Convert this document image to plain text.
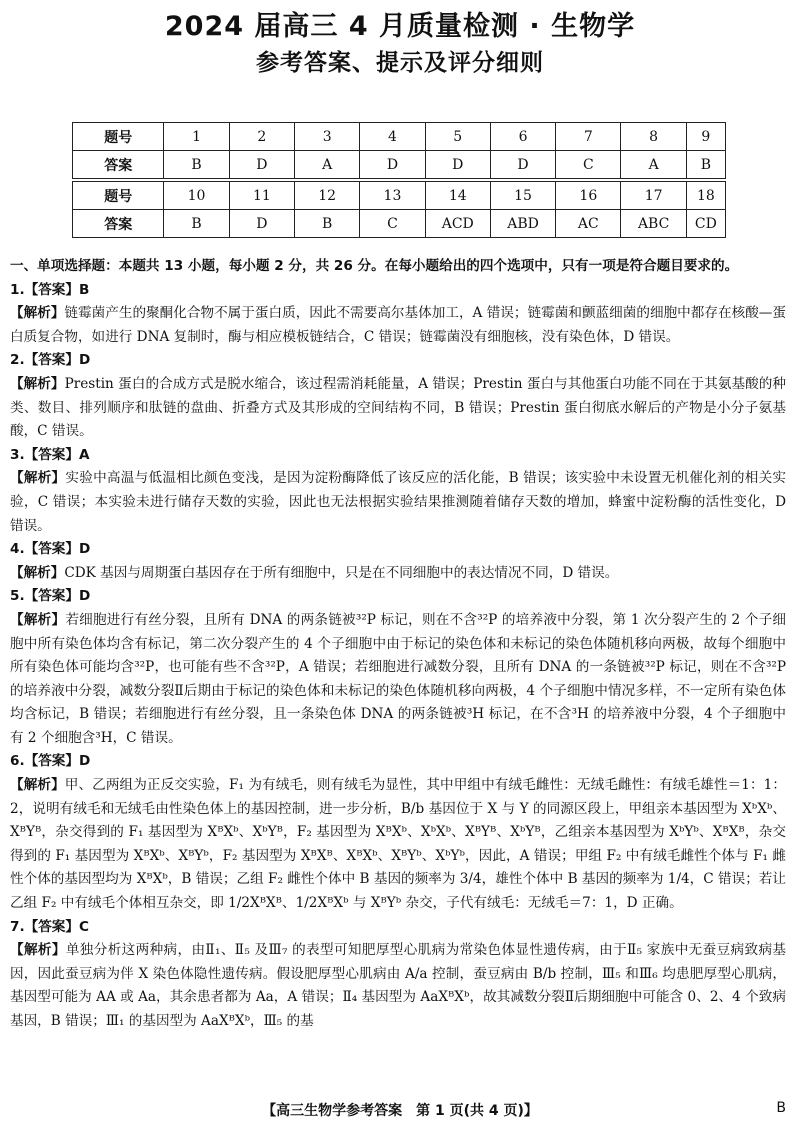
2024 届高三 4 月质量检测 · 生物学
参考答案、提示及评分细则
题号	1	2	3	4	5	6	7	8	9
答案	B	D	A	D	D	D	C	A	B

题号	10	11	12	13	14	15	16	17	18
答案	B	D	B	C	ACD	ABD	AC	ABC	CD

一、单项选择题：本题共 13 小题，每小题 2 分，共 26 分。在每小题给出的四个选项中，只有一项是符合题目要求的。

1.【答案】B

【解析】链霉菌产生的聚酮化合物不属于蛋白质，因此不需要高尔基体加工，A 错误；链霉菌和颤蓝细菌的细胞中都存在核酸—蛋白质复合物，如进行 DNA 复制时，酶与相应模板链结合，C 错误；链霉菌没有细胞核，没有染色体，D 错误。

2.【答案】D

【解析】Prestin 蛋白的合成方式是脱水缩合，该过程需消耗能量，A 错误；Prestin 蛋白与其他蛋白功能不同在于其氨基酸的种类、数目、排列顺序和肽链的盘曲、折叠方式及其形成的空间结构不同，B 错误；Prestin 蛋白彻底水解后的产物是小分子氨基酸，C 错误。

3.【答案】A

【解析】实验中高温与低温相比颜色变浅，是因为淀粉酶降低了该反应的活化能，B 错误；该实验中未设置无机催化剂的相关实验，C 错误；本实验未进行储存天数的实验，因此也无法根据实验结果推测随着储存天数的增加，蜂蜜中淀粉酶的活性变化，D 错误。

4.【答案】D

【解析】CDK 基因与周期蛋白基因存在于所有细胞中，只是在不同细胞中的表达情况不同，D 错误。

5.【答案】D

【解析】若细胞进行有丝分裂，且所有 DNA 的两条链被³²P 标记，则在不含³²P 的培养液中分裂，第 1 次分裂产生的 2 个子细胞中所有染色体均含有标记，第二次分裂产生的 4 个子细胞中由于标记的染色体和未标记的染色体随机移向两极，故每个细胞中所有染色体可能均含³²P，也可能有些不含³²P，A 错误；若细胞进行减数分裂，且所有 DNA 的一条链被³²P 标记，则在不含³²P 的培养液中分裂，减数分裂Ⅱ后期由于标记的染色体和未标记的染色体随机移向两极，4 个子细胞中情况多样，不一定所有染色体均含标记，B 错误；若细胞进行有丝分裂，且一条染色体 DNA 的两条链被³H 标记，在不含³H 的培养液中分裂，4 个子细胞中有 2 个细胞含³H，C 错误。

6.【答案】D

【解析】甲、乙两组为正反交实验，F₁ 为有绒毛，则有绒毛为显性，其中甲组中有绒毛雌性：无绒毛雌性：有绒毛雄性＝1：1：2，说明有绒毛和无绒毛由性染色体上的基因控制，进一步分析，B/b 基因位于 X 与 Y 的同源区段上，甲组亲本基因型为 XᵇXᵇ、XᴮYᴮ，杂交得到的 F₁ 基因型为 XᴮXᵇ、XᵇYᴮ，F₂ 基因型为 XᴮXᵇ、XᵇXᵇ、XᴮYᴮ、XᵇYᴮ，乙组亲本基因型为 XᵇYᵇ、XᴮXᴮ，杂交得到的 F₁ 基因型为 XᴮXᵇ、XᴮYᵇ，F₂ 基因型为 XᴮXᴮ、XᴮXᵇ、XᴮYᵇ、XᵇYᵇ，因此，A 错误；甲组 F₂ 中有绒毛雌性个体与 F₁ 雌性个体的基因型均为 XᴮXᵇ，B 错误；乙组 F₂ 雌性个体中 B 基因的频率为 3/4，雄性个体中 B 基因的频率为 1/4，C 错误；若让乙组 F₂ 中有绒毛个体相互杂交，即 1/2XᴮXᴮ、1/2XᴮXᵇ 与 XᴮYᵇ 杂交，子代有绒毛：无绒毛＝7：1，D 正确。

7.【答案】C

【解析】单独分析这两种病，由Ⅱ₁、Ⅱ₅ 及Ⅲ₇ 的表型可知肥厚型心肌病为常染色体显性遗传病，由于Ⅱ₅ 家族中无蚕豆病致病基因，因此蚕豆病为伴 X 染色体隐性遗传病。假设肥厚型心肌病由 A/a 控制，蚕豆病由 B/b 控制，Ⅲ₅ 和Ⅲ₆ 均患肥厚型心肌病，基因型可能为 AA 或 Aa，其余患者都为 Aa，A 错误；Ⅱ₄ 基因型为 AaXᴮXᵇ，故其减数分裂Ⅱ后期细胞中可能含 0、2、4 个致病基因，B 错误；Ⅲ₁ 的基因型为 AaXᴮXᵇ，Ⅲ₅ 的基

【高三生物学参考答案　第 1 页(共 4 页)】	B
